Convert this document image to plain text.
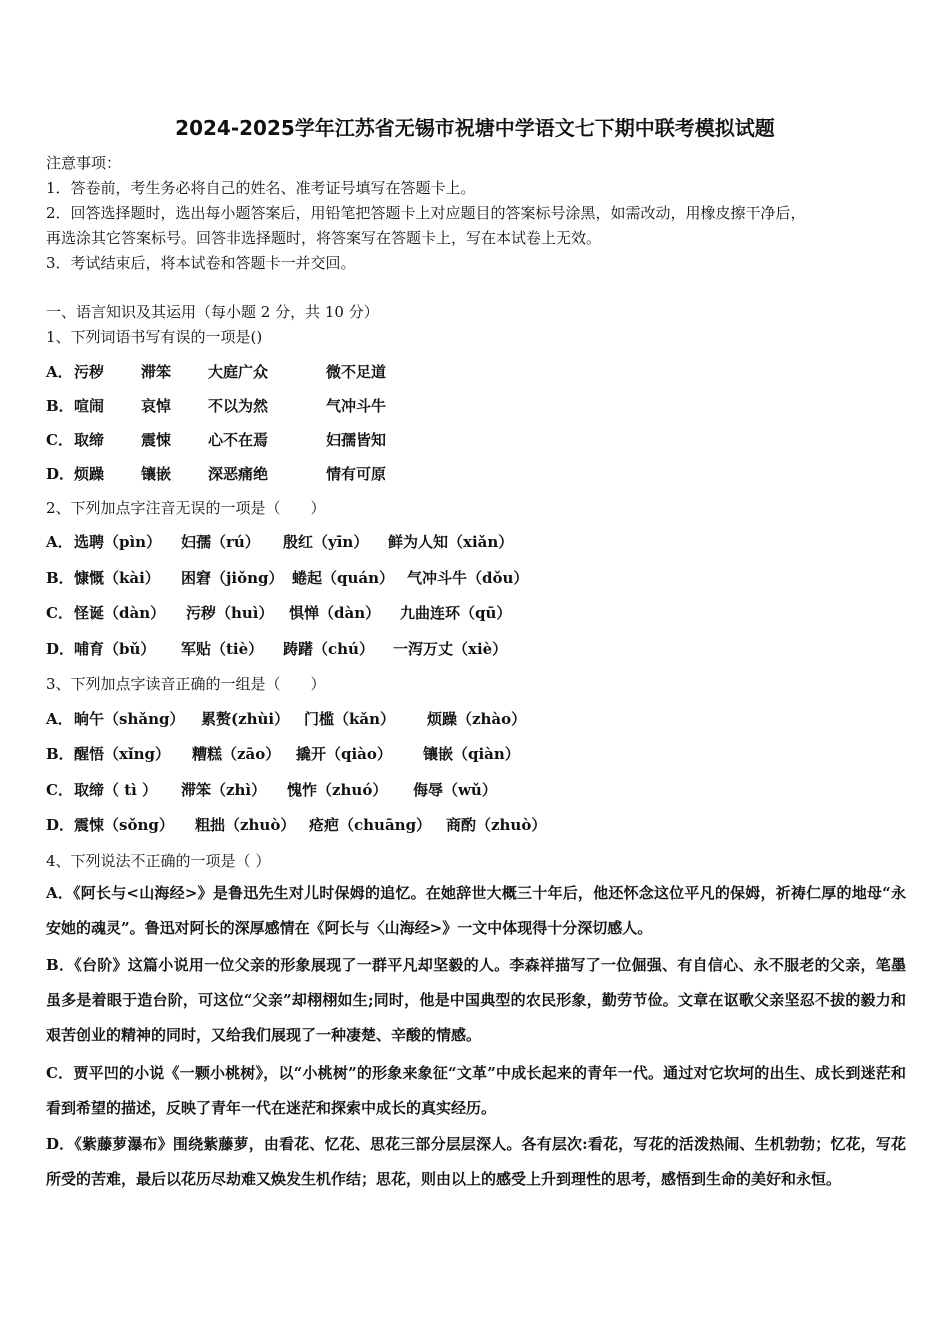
2024-2025学年江苏省无锡市祝塘中学语文七下期中联考模拟试题
注意事项：
1．答卷前，考生务必将自己的姓名、准考证号填写在答题卡上。
2．回答选择题时，选出每小题答案后，用铅笔把答题卡上对应题目的答案标号涂黑，如需改动，用橡皮擦干净后，
再选涂其它答案标号。回答非选择题时，将答案写在答题卡上，写在本试卷上无效。
3．考试结束后，将本试卷和答题卡一并交回。
一、语言知识及其运用（每小题 2 分，共 10 分）
1、下列词语书写有误的一项是()
A． 污秽 滞笨 大庭广众	微不足道
B． 喧闹 哀悼 不以为然	气冲斗牛
C． 取缔 震悚 心不在焉	妇孺皆知
D． 烦躁 镶嵌 深恶痛绝	情有可原
2、下列加点字注音无误的一项是（　　）
A． 选聘（pìn） 妇孺（rú） 殷红（yīn） 鲜为人知（xiǎn）
B． 慷慨（kài） 困窘（jiǒng） 蜷起（quán） 气冲斗牛（dǒu）
C． 怪诞（dàn） 污秽（huì） 惧惮（dàn） 九曲连环（qū）
D． 哺育（bǔ） 军贴（tiè） 踌躇（chú） 一泻万丈（xiè）
3、下列加点字读音正确的一组是（　　）
A． 晌午（shǎng） 累赘(zhùi） 门槛（kǎn） 烦躁（zhào）
B． 醒悟（xǐng） 糟糕（zāo） 撬开（qiào） 镶嵌（qiàn）
C． 取缔（ tì ） 滞笨（zhì） 愧怍（zhuó） 侮辱（wǔ）
D． 震悚（sǒng） 粗拙（zhuò） 疮疤（chuāng） 商酌（zhuò）
4、下列说法不正确的一项是（ ）
A．《阿长与<山海经>》是鲁迅先生对儿时保姆的追忆。在她辞世大概三十年后，他还怀念这位平凡的保姆，祈祷仁厚的地母“永安她的魂灵”。鲁迅对阿长的深厚感情在《阿长与〈山海经>》一文中体现得十分深切感人。
B．《台阶》这篇小说用一位父亲的形象展现了一群平凡却坚毅的人。李森祥描写了一位倔强、有自信心、永不服老的父亲，笔墨虽多是着眼于造台阶，可这位“父亲”却栩栩如生;同时，他是中国典型的农民形象，勤劳节俭。文章在讴歌父亲坚忍不拔的毅力和艰苦创业的精神的同时，又给我们展现了一种凄楚、辛酸的情感。
C．贾平凹的小说《一颗小桃树》，以“小桃树”的形象来象征“文革”中成长起来的青年一代。通过对它坎坷的出生、成长到迷茫和看到希望的描述，反映了青年一代在迷茫和探索中成长的真实经历。
D．《紫藤萝瀑布》围绕紫藤萝，由看花、忆花、思花三部分层层深人。各有层次:看花，写花的活泼热闹、生机勃勃；忆花，写花所受的苦难，最后以花历尽劫难又焕发生机作结；思花，则由以上的感受上升到理性的思考，感悟到生命的美好和永恒。
